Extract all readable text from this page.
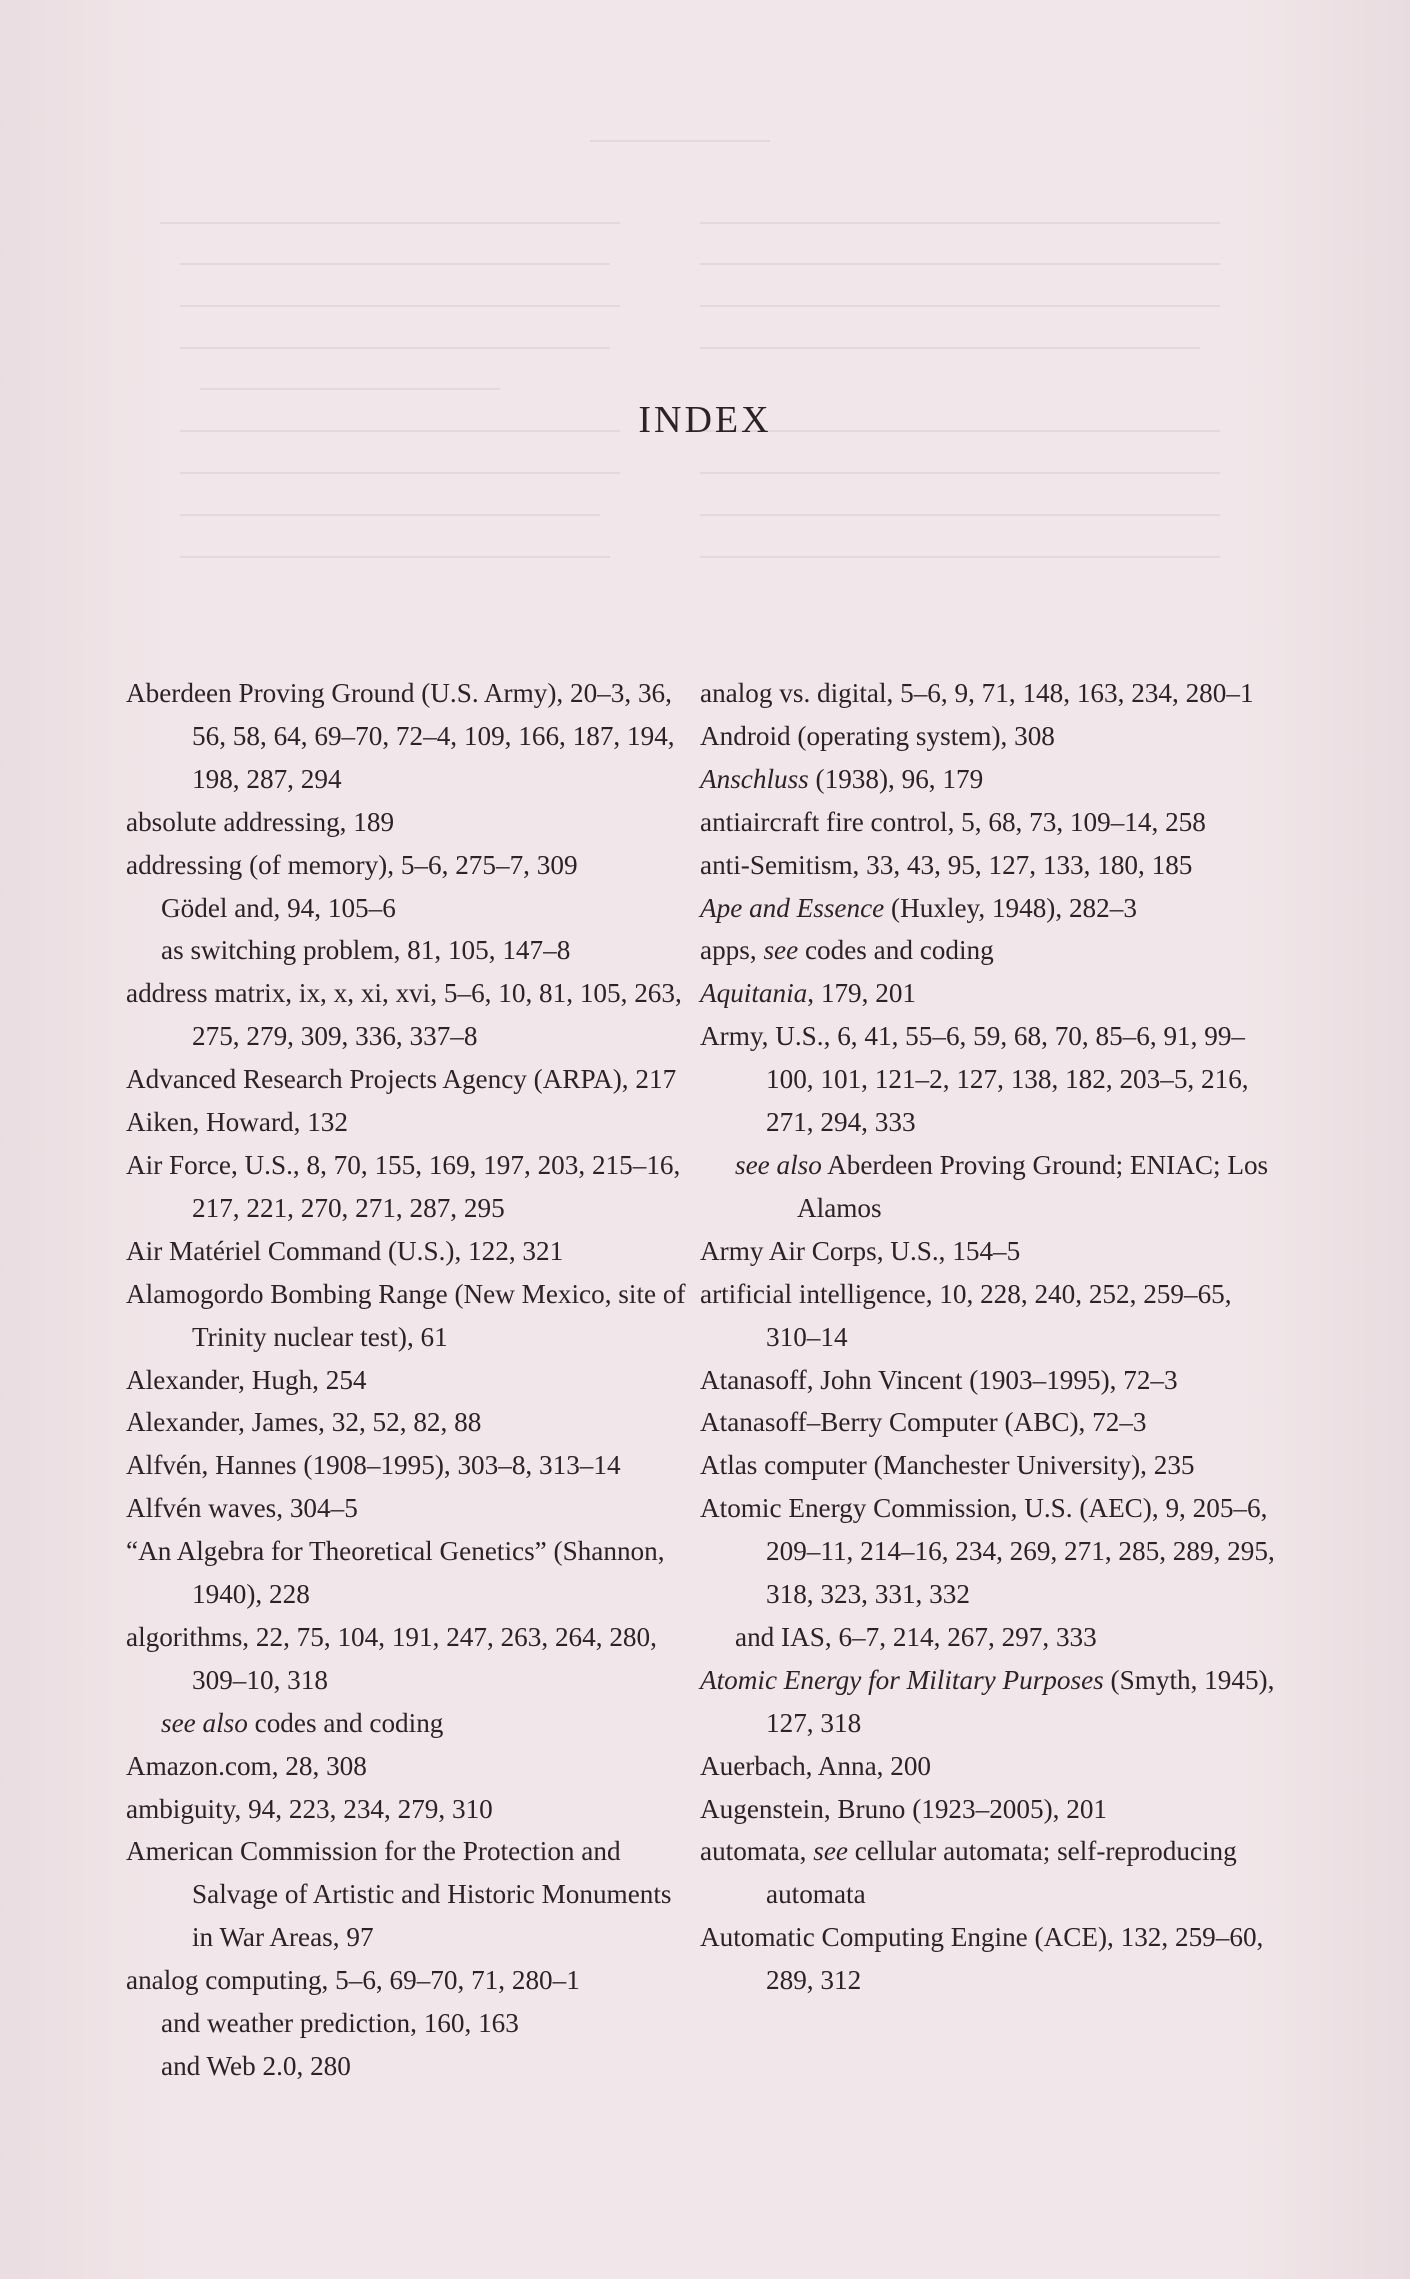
INDEX
Aberdeen Proving Ground (U.S. Army), 20–3, 36, 56, 58, 64, 69–70, 72–4, 109, 166, 187, 194, 198, 287, 294
absolute addressing, 189
addressing (of memory), 5–6, 275–7, 309
Gödel and, 94, 105–6
as switching problem, 81, 105, 147–8
address matrix, ix, x, xi, xvi, 5–6, 10, 81, 105, 263, 275, 279, 309, 336, 337–8
Advanced Research Projects Agency (ARPA), 217
Aiken, Howard, 132
Air Force, U.S., 8, 70, 155, 169, 197, 203, 215–16, 217, 221, 270, 271, 287, 295
Air Matériel Command (U.S.), 122, 321
Alamogordo Bombing Range (New Mexico, site of Trinity nuclear test), 61
Alexander, Hugh, 254
Alexander, James, 32, 52, 82, 88
Alfvén, Hannes (1908–1995), 303–8, 313–14
Alfvén waves, 304–5
“An Algebra for Theoretical Genetics” (Shannon, 1940), 228
algorithms, 22, 75, 104, 191, 247, 263, 264, 280, 309–10, 318
see also codes and coding
Amazon.com, 28, 308
ambiguity, 94, 223, 234, 279, 310
American Commission for the Protection and Salvage of Artistic and Historic Monuments in War Areas, 97
analog computing, 5–6, 69–70, 71, 280–1
and weather prediction, 160, 163
and Web 2.0, 280
analog vs. digital, 5–6, 9, 71, 148, 163, 234, 280–1
Android (operating system), 308
Anschluss (1938), 96, 179
antiaircraft fire control, 5, 68, 73, 109–14, 258
anti-Semitism, 33, 43, 95, 127, 133, 180, 185
Ape and Essence (Huxley, 1948), 282–3
apps, see codes and coding
Aquitania, 179, 201
Army, U.S., 6, 41, 55–6, 59, 68, 70, 85–6, 91, 99–100, 101, 121–2, 127, 138, 182, 203–5, 216, 271, 294, 333
see also Aberdeen Proving Ground; ENIAC; Los Alamos
Army Air Corps, U.S., 154–5
artificial intelligence, 10, 228, 240, 252, 259–65, 310–14
Atanasoff, John Vincent (1903–1995), 72–3
Atanasoff–Berry Computer (ABC), 72–3
Atlas computer (Manchester University), 235
Atomic Energy Commission, U.S. (AEC), 9, 205–6, 209–11, 214–16, 234, 269, 271, 285, 289, 295, 318, 323, 331, 332
and IAS, 6–7, 214, 267, 297, 333
Atomic Energy for Military Purposes (Smyth, 1945), 127, 318
Auerbach, Anna, 200
Augenstein, Bruno (1923–2005), 201
automata, see cellular automata; self-reproducing automata
Automatic Computing Engine (ACE), 132, 259–60, 289, 312
